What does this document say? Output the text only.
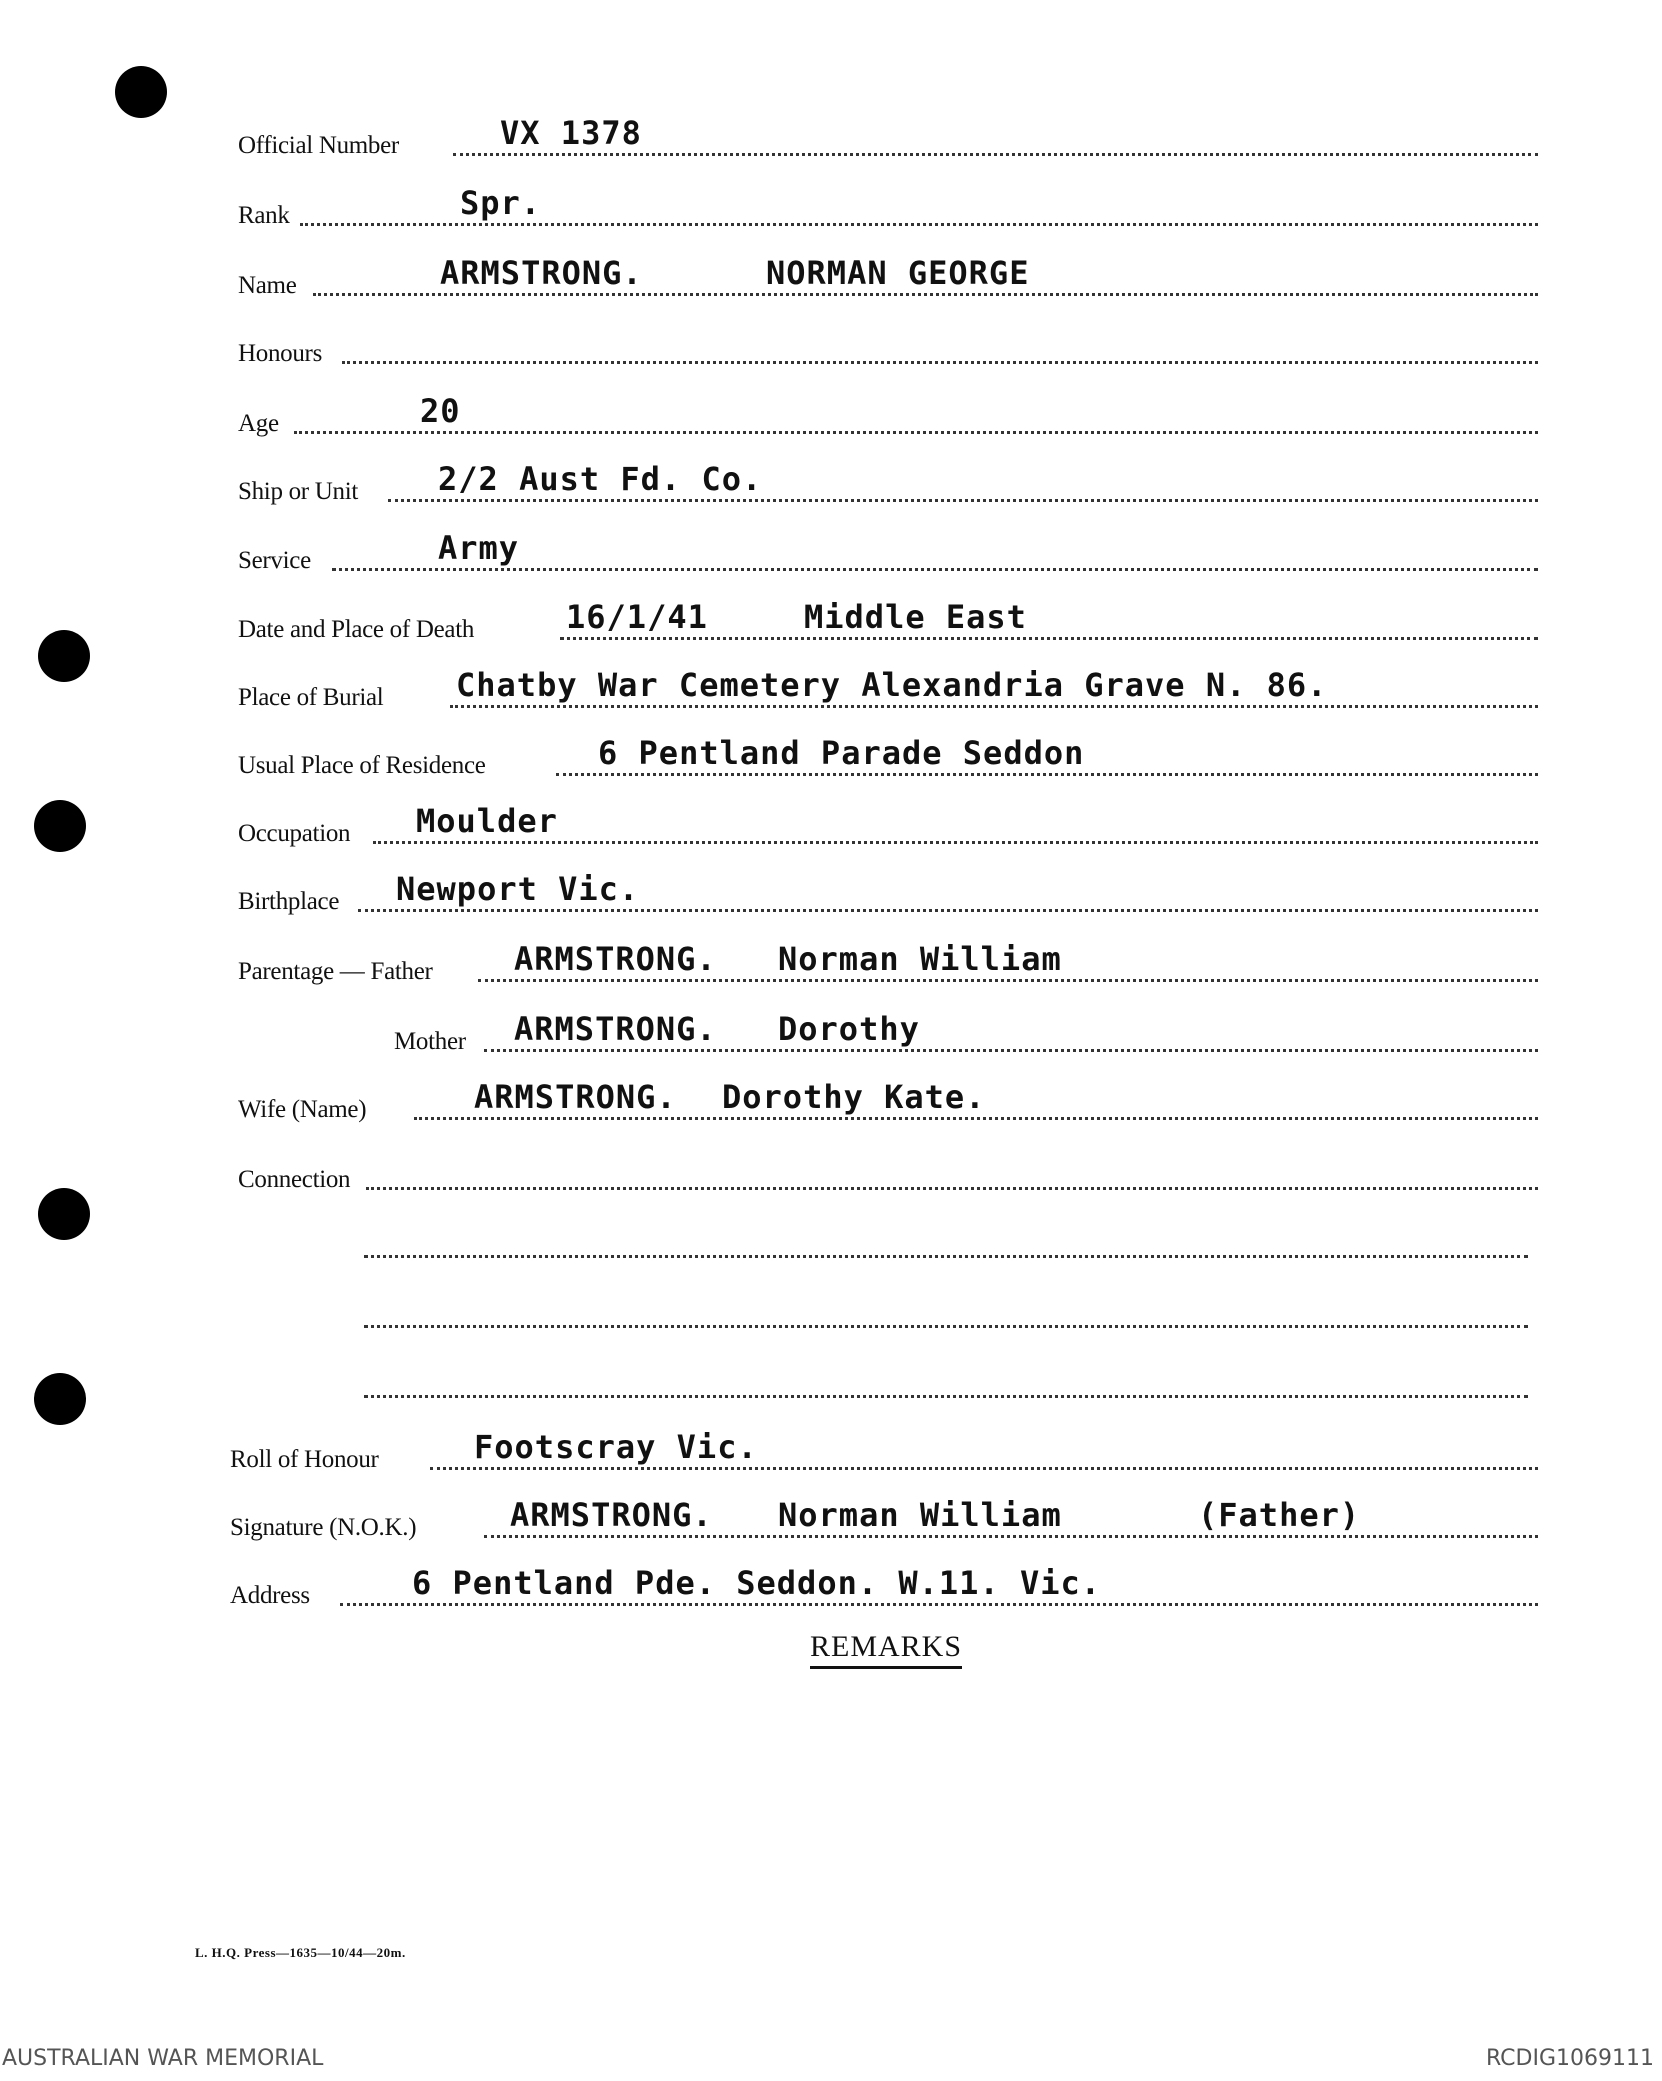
Official Number	VX 1378
Rank	Spr.
Name	ARMSTRONG.	NORMAN GEORGE
Honours
Age	20
Ship or Unit 2/2 Aust Fd. Co.
Service	Army
Date and Place of Death	16/1/41	Middle East
Place of Burial Chatby War Cemetery Alexandria Grave N. 86.
Usual Place of Residence	6 Pentland Parade Seddon
Occupation Moulder
Birthplace Newport Vic.
Parentage — Father	ARMSTRONG. Norman William
Mother ARMSTRONG. Dorothy
Wife (Name)	ARMSTRONG. Dorothy Kate.
Connection
Roll of Honour	Footscray Vic.
Signature (N.O.K.)	ARMSTRONG. Norman William	(Father)
Address	6 Pentland Pde. Seddon. W.11. Vic.
REMARKS
L. H.Q. Press—1635—10/44—20m.
AUSTRALIAN WAR MEMORIAL	RCDIG1069111
